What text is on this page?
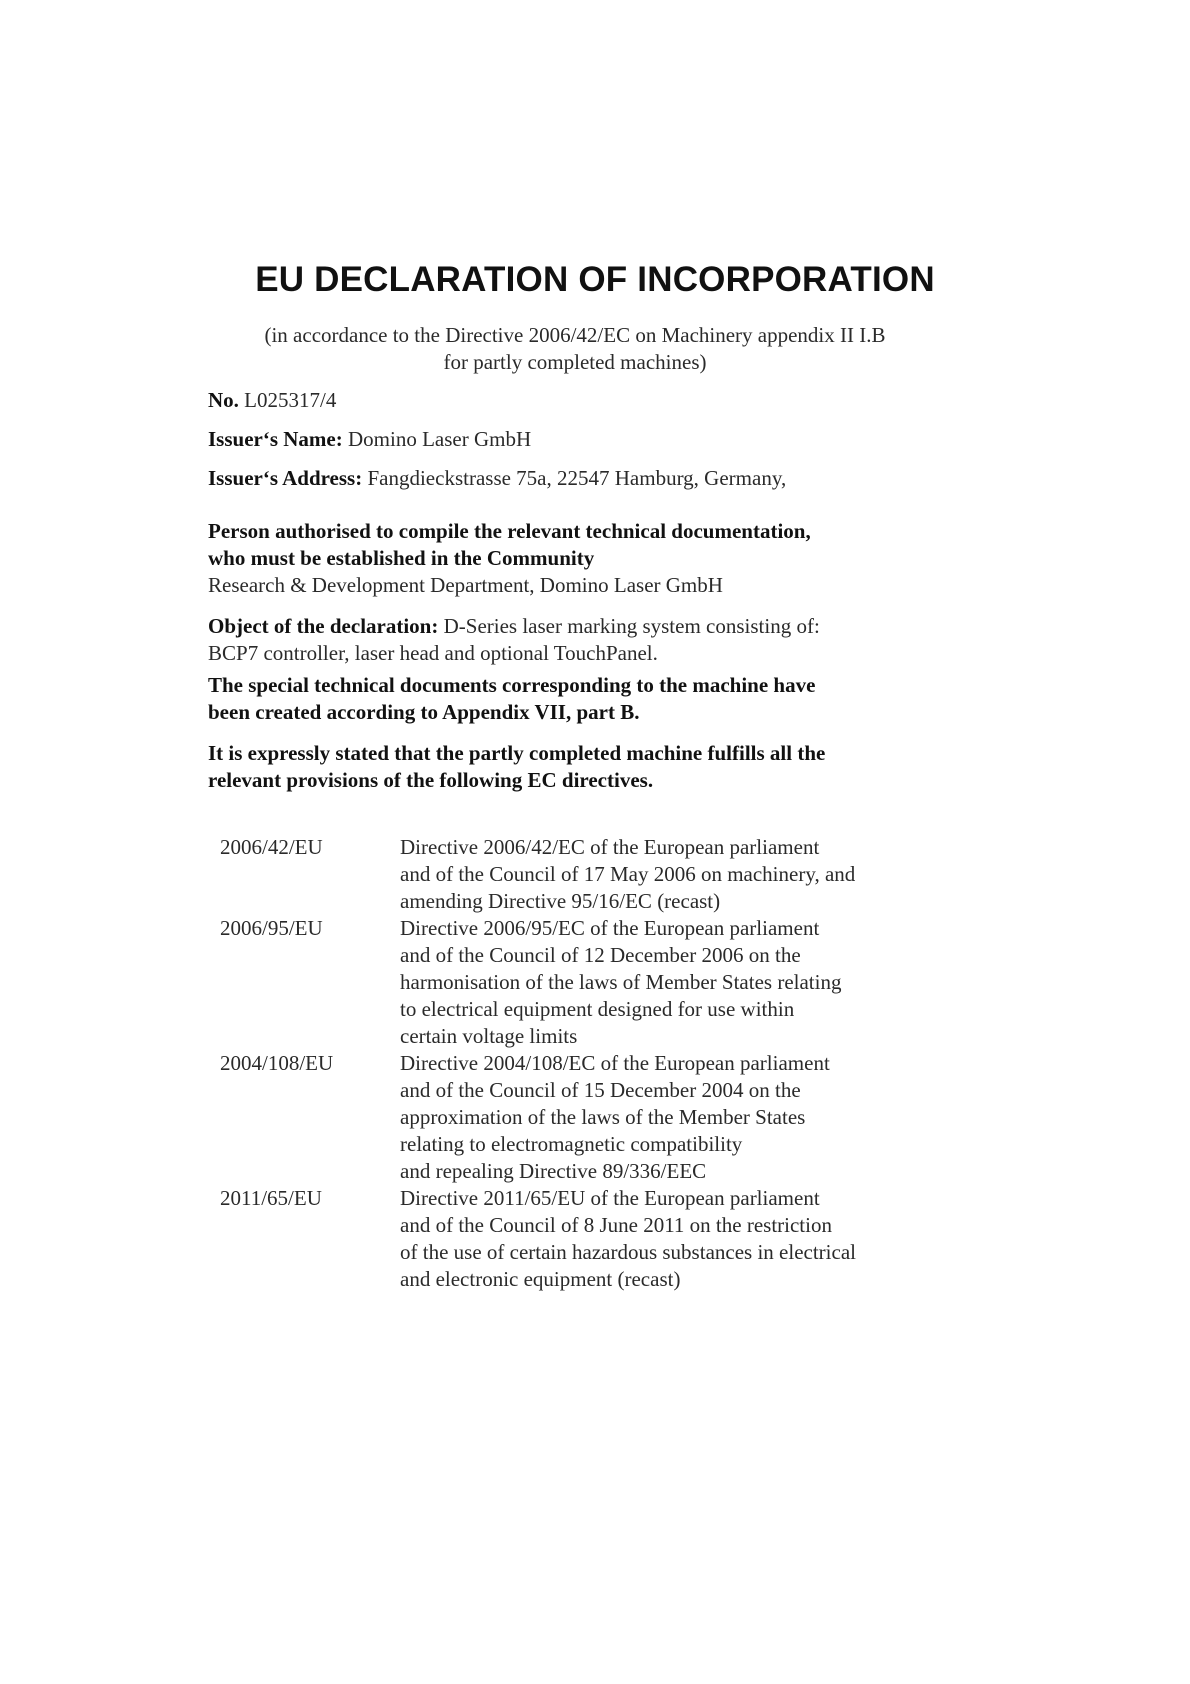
EU DECLARATION OF INCORPORATION
(in accordance to the Directive 2006/42/EC on Machinery appendix II I.B
for partly completed machines)
No. L025317/4
Issuer‘s Name: Domino Laser GmbH
Issuer‘s Address: Fangdieckstrasse 75a, 22547 Hamburg, Germany,
Person authorised to compile the relevant technical documentation,
who must be established in the Community
Research & Development Department, Domino Laser GmbH
Object of the declaration: D-Series laser marking system consisting of:
BCP7 controller, laser head and optional TouchPanel.
The special technical documents corresponding to the machine have
been created according to Appendix VII, part B.
It is expressly stated that the partly completed machine fulfills all the
relevant provisions of the following EC directives.
2006/42/EU	Directive 2006/42/EC of the European parliament
and of the Council of 17 May 2006 on machinery, and
amending Directive 95/16/EC (recast)
2006/95/EU	Directive 2006/95/EC of the European parliament
and of the Council of 12 December 2006 on the
harmonisation of the laws of Member States relating
to electrical equipment designed for use within
certain voltage limits
2004/108/EU	Directive 2004/108/EC of the European parliament
and of the Council of 15 December 2004 on the
approximation of the laws of the Member States
relating to electromagnetic compatibility
and repealing Directive 89/336/EEC
2011/65/EU	Directive 2011/65/EU of the European parliament
and of the Council of 8 June 2011 on the restriction
of the use of certain hazardous substances in electrical
and electronic equipment (recast)
